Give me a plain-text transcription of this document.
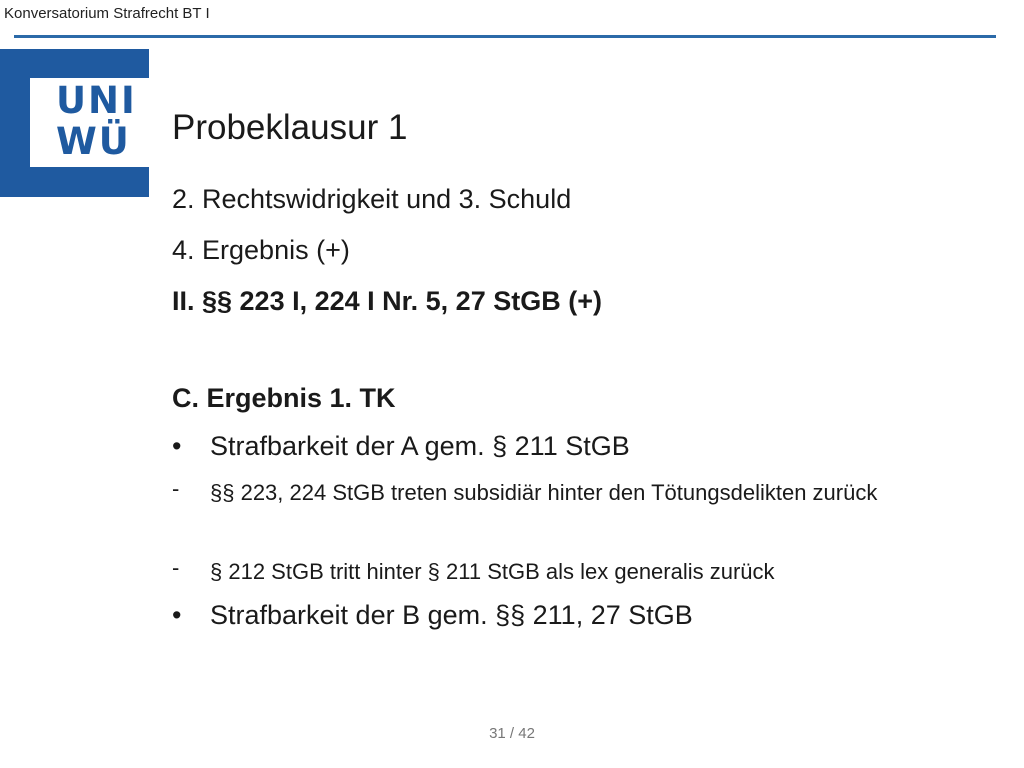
Konversatorium Strafrecht BT I
UNI
WÜ Probeklausur 1
2. Rechtswidrigkeit und 3. Schuld
4. Ergebnis (+)
II. §§ 223 I, 224 I Nr. 5, 27 StGB (+)
C. Ergebnis 1. TK
• Strafbarkeit der A gem. § 211 StGB
- §§ 223, 224 StGB treten subsidiär hinter den Tötungsdelikten zurück
- § 212 StGB tritt hinter § 211 StGB als lex generalis zurück
• Strafbarkeit der B gem. §§ 211, 27 StGB
31 / 42
